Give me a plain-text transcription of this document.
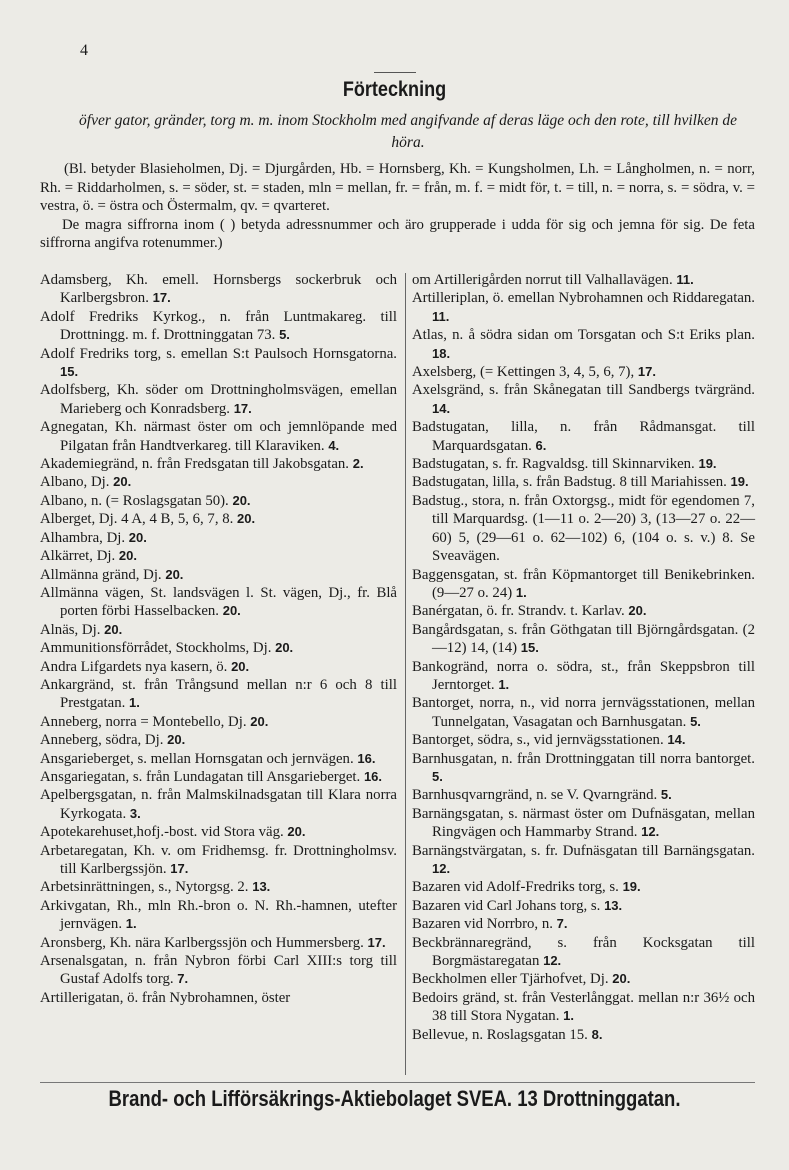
4
Förteckning
öfver gator, gränder, torg m. m. inom Stockholm med angifvande af deras läge och den rote, till hvilken de höra.

(Bl. betyder Blasieholmen, Dj. = Djurgården, Hb. = Hornsberg, Kh. = Kungsholmen, Lh. = Långholmen, n. = norr, Rh. = Riddarholmen, s. = söder, st. = staden, mln = mellan, fr. = från, m. f. = midt för, t. = till, n. = norra, s. = södra, v. = vestra, ö. = östra och Östermalm, qv. = qvarteret.

De magra siffrorna inom ( ) betyda adressnummer och äro grupperade i udda för sig och jemna för sig. De feta siffrorna angifva rotenummer.)

Adamsberg, Kh. emell. Hornsbergs sockerbruk och Karlbergsbron. 17.

Adolf Fredriks Kyrkog., n. från Luntmakareg. till Drottningg. m. f. Drottninggatan 73. 5.

Adolf Fredriks torg, s. emellan S:t Paulsoch Hornsgatorna. 15.

Adolfsberg, Kh. söder om Drottningholmsvägen, emellan Marieberg och Konradsberg. 17.

Agnegatan, Kh. närmast öster om och jemnlöpande med Pilgatan från Handtverkareg. till Klaraviken. 4.

Akademiegränd, n. från Fredsgatan till Jakobsgatan. 2.

Albano, Dj. 20.

Albano, n. (= Roslagsgatan 50). 20.

Alberget, Dj. 4 A, 4 B, 5, 6, 7, 8. 20.

Alhambra, Dj. 20.

Alkärret, Dj. 20.

Allmänna gränd, Dj. 20.

Allmänna vägen, St. landsvägen l. St. vägen, Dj., fr. Blå porten förbi Hasselbacken. 20.

Alnäs, Dj. 20.

Ammunitionsförrådet, Stockholms, Dj. 20.

Andra Lifgardets nya kasern, ö. 20.

Ankargränd, st. från Trångsund mellan n:r 6 och 8 till Prestgatan. 1.

Anneberg, norra = Montebello, Dj. 20.

Anneberg, södra, Dj. 20.

Ansgarieberget, s. mellan Hornsgatan och jernvägen. 16.

Ansgariegatan, s. från Lundagatan till Ansgarieberget. 16.

Apelbergsgatan, n. från Malmskilnadsgatan till Klara norra Kyrkogata. 3.

Apotekarehuset,hofj.-bost. vid Stora väg. 20.

Arbetaregatan, Kh. v. om Fridhemsg. fr. Drottningholmsv. till Karlbergssjön. 17.

Arbetsinrättningen, s., Nytorgsg. 2. 13.

Arkivgatan, Rh., mln Rh.-bron o. N. Rh.-hamnen, utefter jernvägen. 1.

Aronsberg, Kh. nära Karlbergssjön och Hummersberg. 17.

Arsenalsgatan, n. från Nybron förbi Carl XIII:s torg till Gustaf Adolfs torg. 7.

Artillerigatan, ö. från Nybrohamnen, öster

om Artillerigården norrut till Valhallavägen. 11.

Artilleriplan, ö. emellan Nybrohamnen och Riddaregatan. 11.

Atlas, n. å södra sidan om Torsgatan och S:t Eriks plan. 18.

Axelsberg, (= Kettingen 3, 4, 5, 6, 7), 17.

Axelsgränd, s. från Skånegatan till Sandbergs tvärgränd. 14.

Badstugatan, lilla, n. från Rådmansgat. till Marquardsgatan. 6.

Badstugatan, s. fr. Ragvaldsg. till Skinnarviken. 19.

Badstugatan, lilla, s. från Badstug. 8 till Mariahissen. 19.

Badstug., stora, n. från Oxtorgsg., midt för egendomen 7, till Marquardsg. (1—11 o. 2—20) 3, (13—27 o. 22—60) 5, (29—61 o. 62—102) 6, (104 o. s. v.) 8. Se Sveavägen.

Baggensgatan, st. från Köpmantorget till Benikebrinken. (9—27 o. 24) 1.

Banérgatan, ö. fr. Strandv. t. Karlav. 20.

Bangårdsgatan, s. från Göthgatan till Björngårdsgatan. (2—12) 14, (14) 15.

Bankogränd, norra o. södra, st., från Skeppsbron till Jerntorget. 1.

Bantorget, norra, n., vid norra jernvägsstationen, mellan Tunnelgatan, Vasagatan och Barnhusgatan. 5.

Bantorget, södra, s., vid jernvägsstationen. 14.

Barnhusgatan, n. från Drottninggatan till norra bantorget. 5.

Barnhusqvarngränd, n. se V. Qvarngränd. 5.

Barnängsgatan, s. närmast öster om Dufnäsgatan, mellan Ringvägen och Hammarby Strand. 12.

Barnängstvärgatan, s. fr. Dufnäsgatan till Barnängsgatan. 12.

Bazaren vid Adolf-Fredriks torg, s. 19.

Bazaren vid Carl Johans torg, s. 13.

Bazaren vid Norrbro, n. 7.

Beckbrännaregränd, s. från Kocksgatan till Borgmästaregatan 12.

Beckholmen eller Tjärhofvet, Dj. 20.

Bedoirs gränd, st. från Vesterlånggat. mellan n:r 36½ och 38 till Stora Nygatan. 1.

Bellevue, n. Roslagsgatan 15. 8.

Brand- och Lifförsäkrings-Aktiebolaget SVEA. 13 Drottninggatan.
